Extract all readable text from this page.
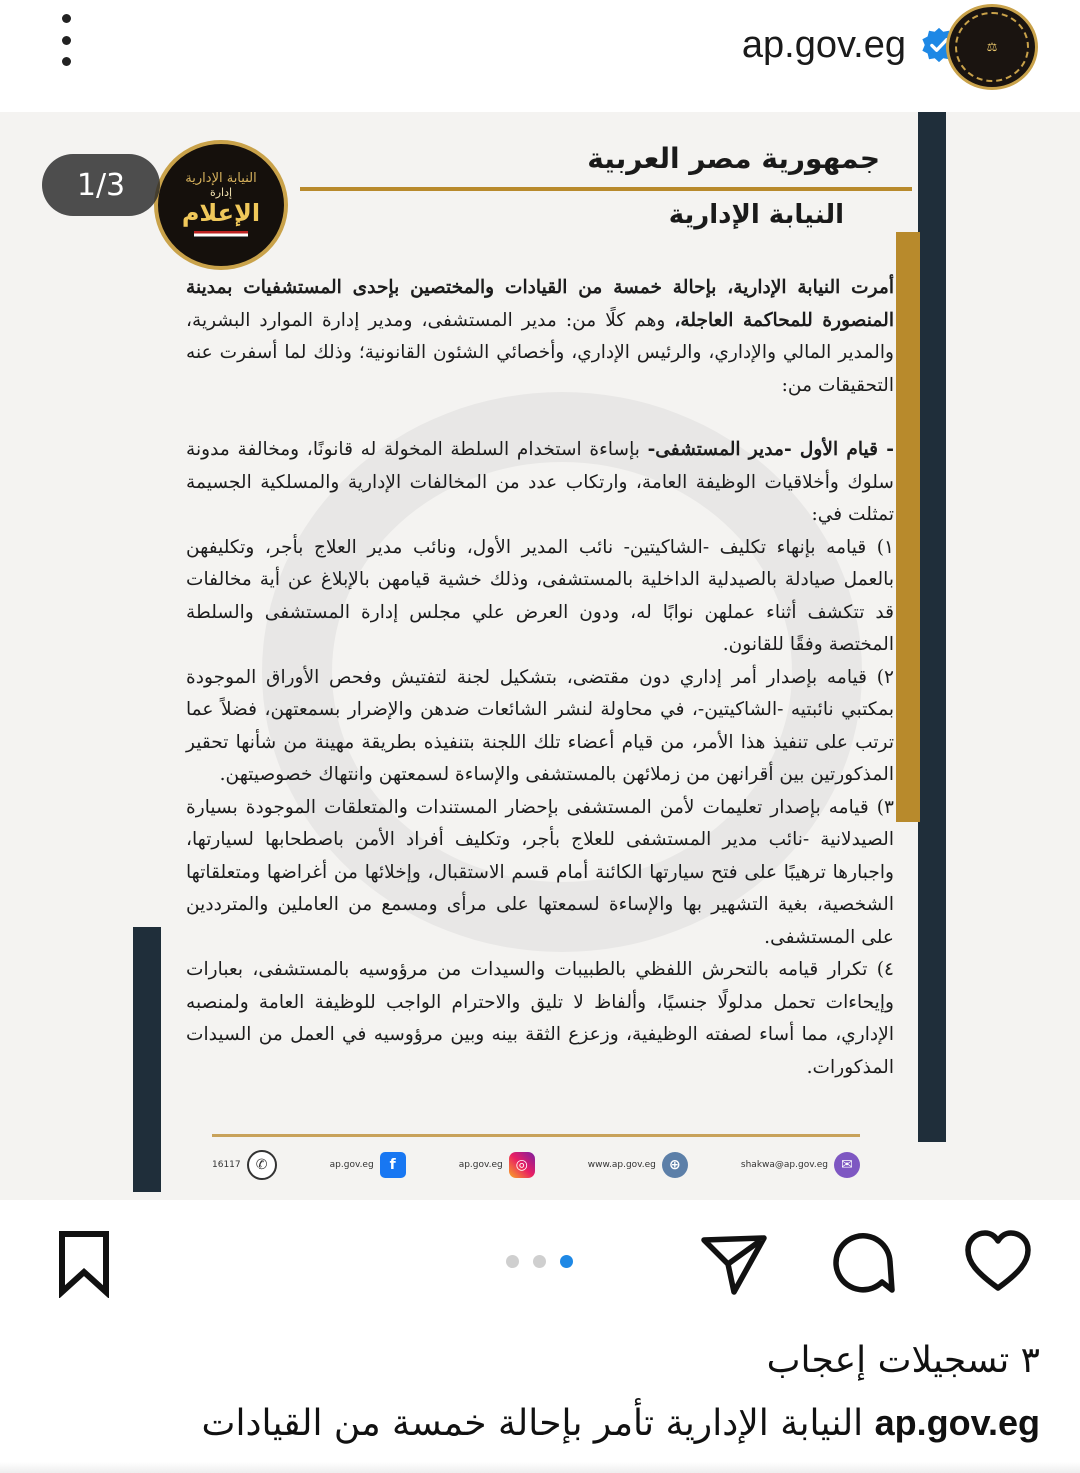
ap.gov.eg	⚖
جمهورية مصر العربية
النيابة الإدارية
النيابة الإدارية
إدارة
الإعلام
1/3

أمرت النيابة الإدارية، بإحالة خمسة من القيادات والمختصين بإحدى المستشفيات بمدينة المنصورة للمحاكمة العاجلة، وهم كلًا من: مدير المستشفى، ومدير إدارة الموارد البشرية، والمدير المالي والإداري، والرئيس الإداري، وأخصائي الشئون القانونية؛ وذلك لما أسفرت عنه التحقيقات من:

- قيام الأول -مدير المستشفى- بإساءة استخدام السلطة المخولة له قانونًا، ومخالفة مدونة سلوك وأخلاقيات الوظيفة العامة، وارتكاب عدد من المخالفات الإدارية والمسلكية الجسيمة تمثلت في:

١) قيامه بإنهاء تكليف -الشاكيتين- نائب المدير الأول، ونائب مدير العلاج بأجر، وتكليفهن بالعمل صيادلة بالصيدلية الداخلية بالمستشفى، وذلك خشية قيامهن بالإبلاغ عن أية مخالفات قد تتكشف أثناء عملهن نوابًا له، ودون العرض علي مجلس إدارة المستشفى والسلطة المختصة وفقًا للقانون.

٢) قيامه بإصدار أمر إداري دون مقتضى، بتشكيل لجنة لتفتيش وفحص الأوراق الموجودة بمكتبي نائبتيه -الشاكيتين-، في محاولة لنشر الشائعات ضدهن والإضرار بسمعتهن، فضلاً عما ترتب على تنفيذ هذا الأمر، من قيام أعضاء تلك اللجنة بتنفيذه بطريقة مهينة من شأنها تحقير المذكورتين بين أقرانهن من زملائهن بالمستشفى والإساءة لسمعتهن وانتهاك خصوصيتهن.

٣) قيامه بإصدار تعليمات لأمن المستشفى بإحضار المستندات والمتعلقات الموجودة بسيارة الصيدلانية -نائب مدير المستشفى للعلاج بأجر، وتكليف أفراد الأمن باصطحابها لسيارتها، واجبارها ترهيبًا على فتح سيارتها الكائنة أمام قسم الاستقبال، وإخلائها من أغراضها ومتعلقاتها الشخصية، بغية التشهير بها والإساءة لسمعتها على مرأى ومسمع من العاملين والمترددين على المستشفى.

٤) تكرار قيامه بالتحرش اللفظي بالطبيبات والسيدات من مرؤوسيه بالمستشفى، بعبارات وإيحاءات تحمل مدلولًا جنسيًا، وألفاظ لا تليق والاحترام الواجب للوظيفة العامة ولمنصبه الإداري، مما أساء لصفته الوظيفية، وزعزع الثقة بينه وبين مرؤوسيه في العمل من السيدات المذكورات.

16117	✆	ap.gov.eg	f	ap.gov.eg ◎	www.ap.gov.eg ⊕	shakwa@ap.gov.eg ✉
٣ تسجيلات إعجاب
ap.gov.eg النيابة الإدارية تأمر بإحالة خمسة من القيادات
